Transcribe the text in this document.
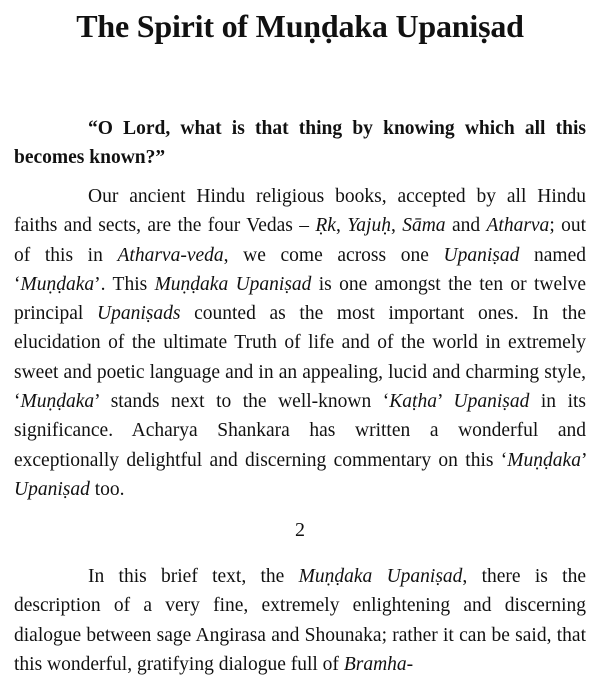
The Spirit of Muṇḍaka Upaniṣad

“O Lord, what is that thing by knowing which all this becomes known?”

Our ancient Hindu religious books, accepted by all Hindu faiths and sects, are the four Vedas – Ṛk, Yajuḥ, Sāma and Atharva; out of this in Atharva-veda, we come across one Upaniṣad named ‘Muṇḍaka’. This Muṇḍaka Upaniṣad is one amongst the ten or twelve principal Upaniṣads counted as the most important ones. In the elucidation of the ultimate Truth of life and of the world in extremely sweet and poetic language and in an appealing, lucid and charming style, ‘Muṇḍaka’ stands next to the well-known ‘Kaṭha’ Upaniṣad in its significance. Acharya Shankara has written a wonderful and exceptionally delightful and discerning commentary on this ‘Muṇḍaka’ Upaniṣad too.

2

In this brief text, the Muṇḍaka Upaniṣad, there is the description of a very fine, extremely enlightening and discerning dialogue between sage Angirasa and Shounaka; rather it can be said, that this wonderful, gratifying dialogue full of Bramha-
